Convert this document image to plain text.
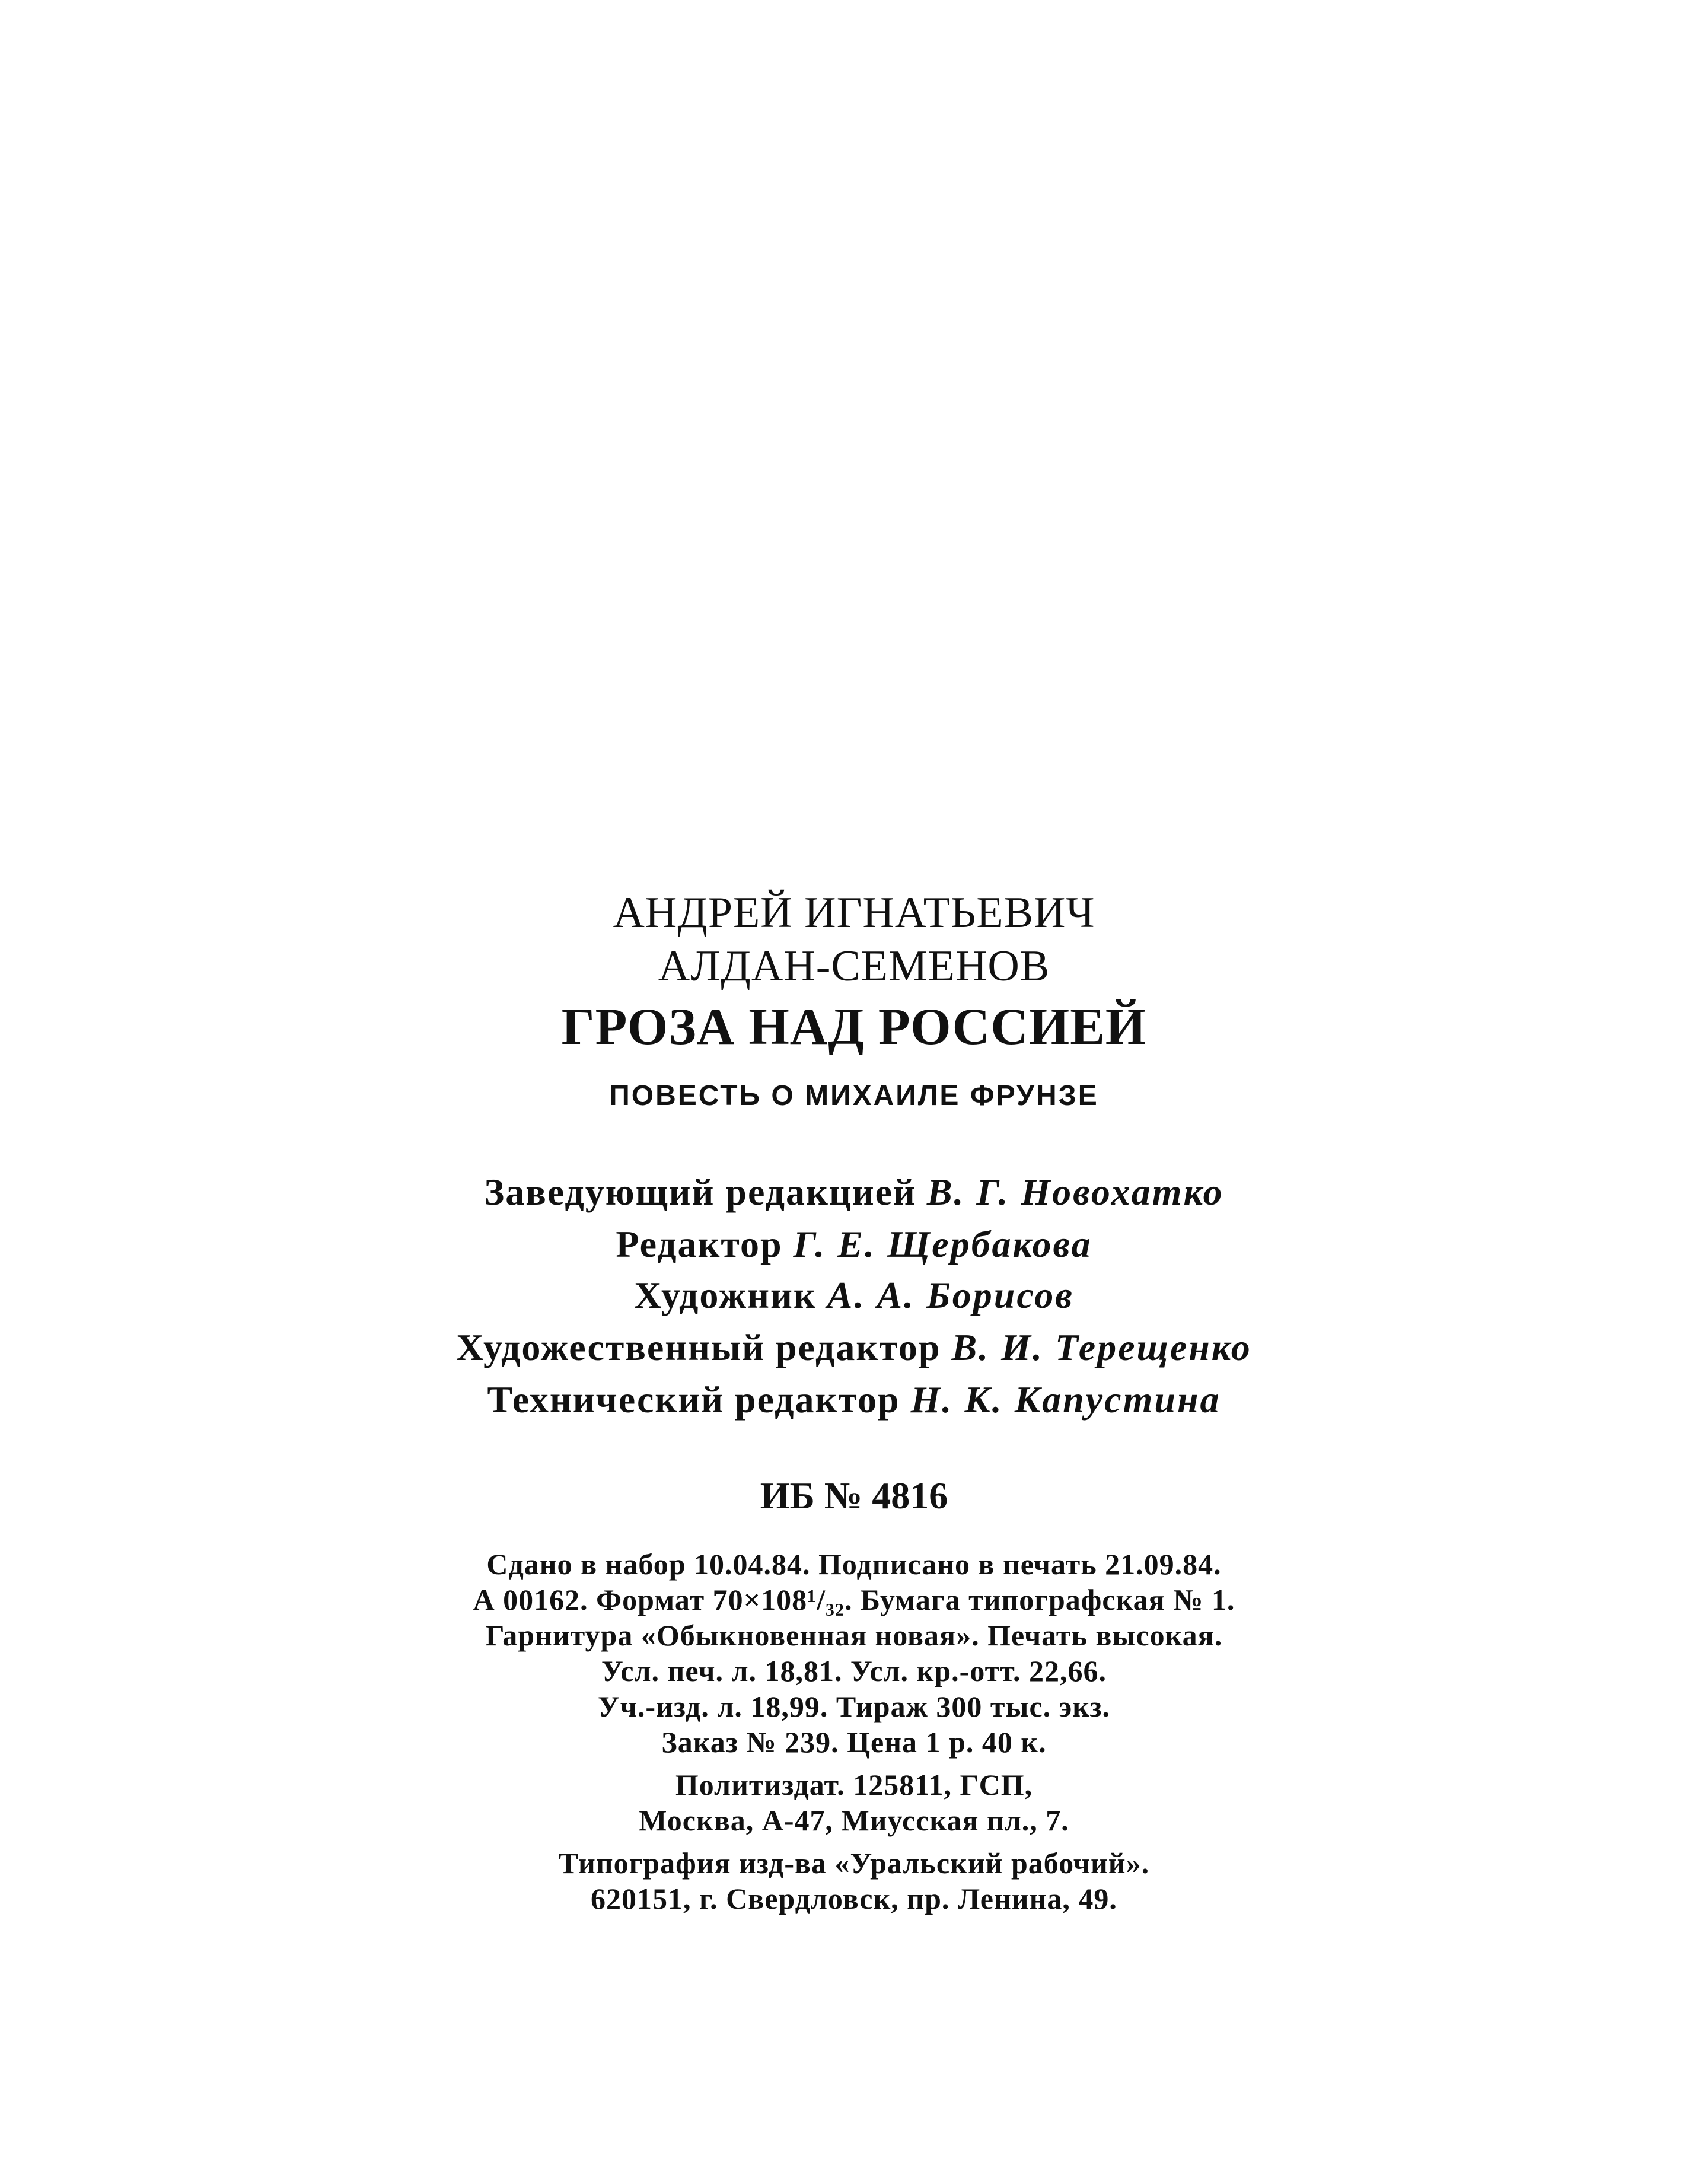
АНДРЕЙ ИГНАТЬЕВИЧ
АЛДАН-СЕМЕНОВ
ГРОЗА НАД РОССИЕЙ
ПОВЕСТЬ О МИХАИЛЕ ФРУНЗЕ
Заведующий редакцией В. Г. Новохатко
Редактор Г. Е. Щербакова
Художник А. А. Борисов
Художественный редактор В. И. Терещенко
Технический редактор Н. К. Капустина
ИБ № 4816
Сдано в набор 10.04.84. Подписано в печать 21.09.84.
А 00162. Формат 70×108¹/₃₂. Бумага типографская № 1.
Гарнитура «Обыкновенная новая». Печать высокая.
Усл. печ. л. 18,81. Усл. кр.-отт. 22,66.
Уч.-изд. л. 18,99. Тираж 300 тыс. экз.
Заказ № 239. Цена 1 р. 40 к.
Политиздат. 125811, ГСП,
Москва, А-47, Миусская пл., 7.
Типография изд-ва «Уральский рабочий».
620151, г. Свердловск, пр. Ленина, 49.
